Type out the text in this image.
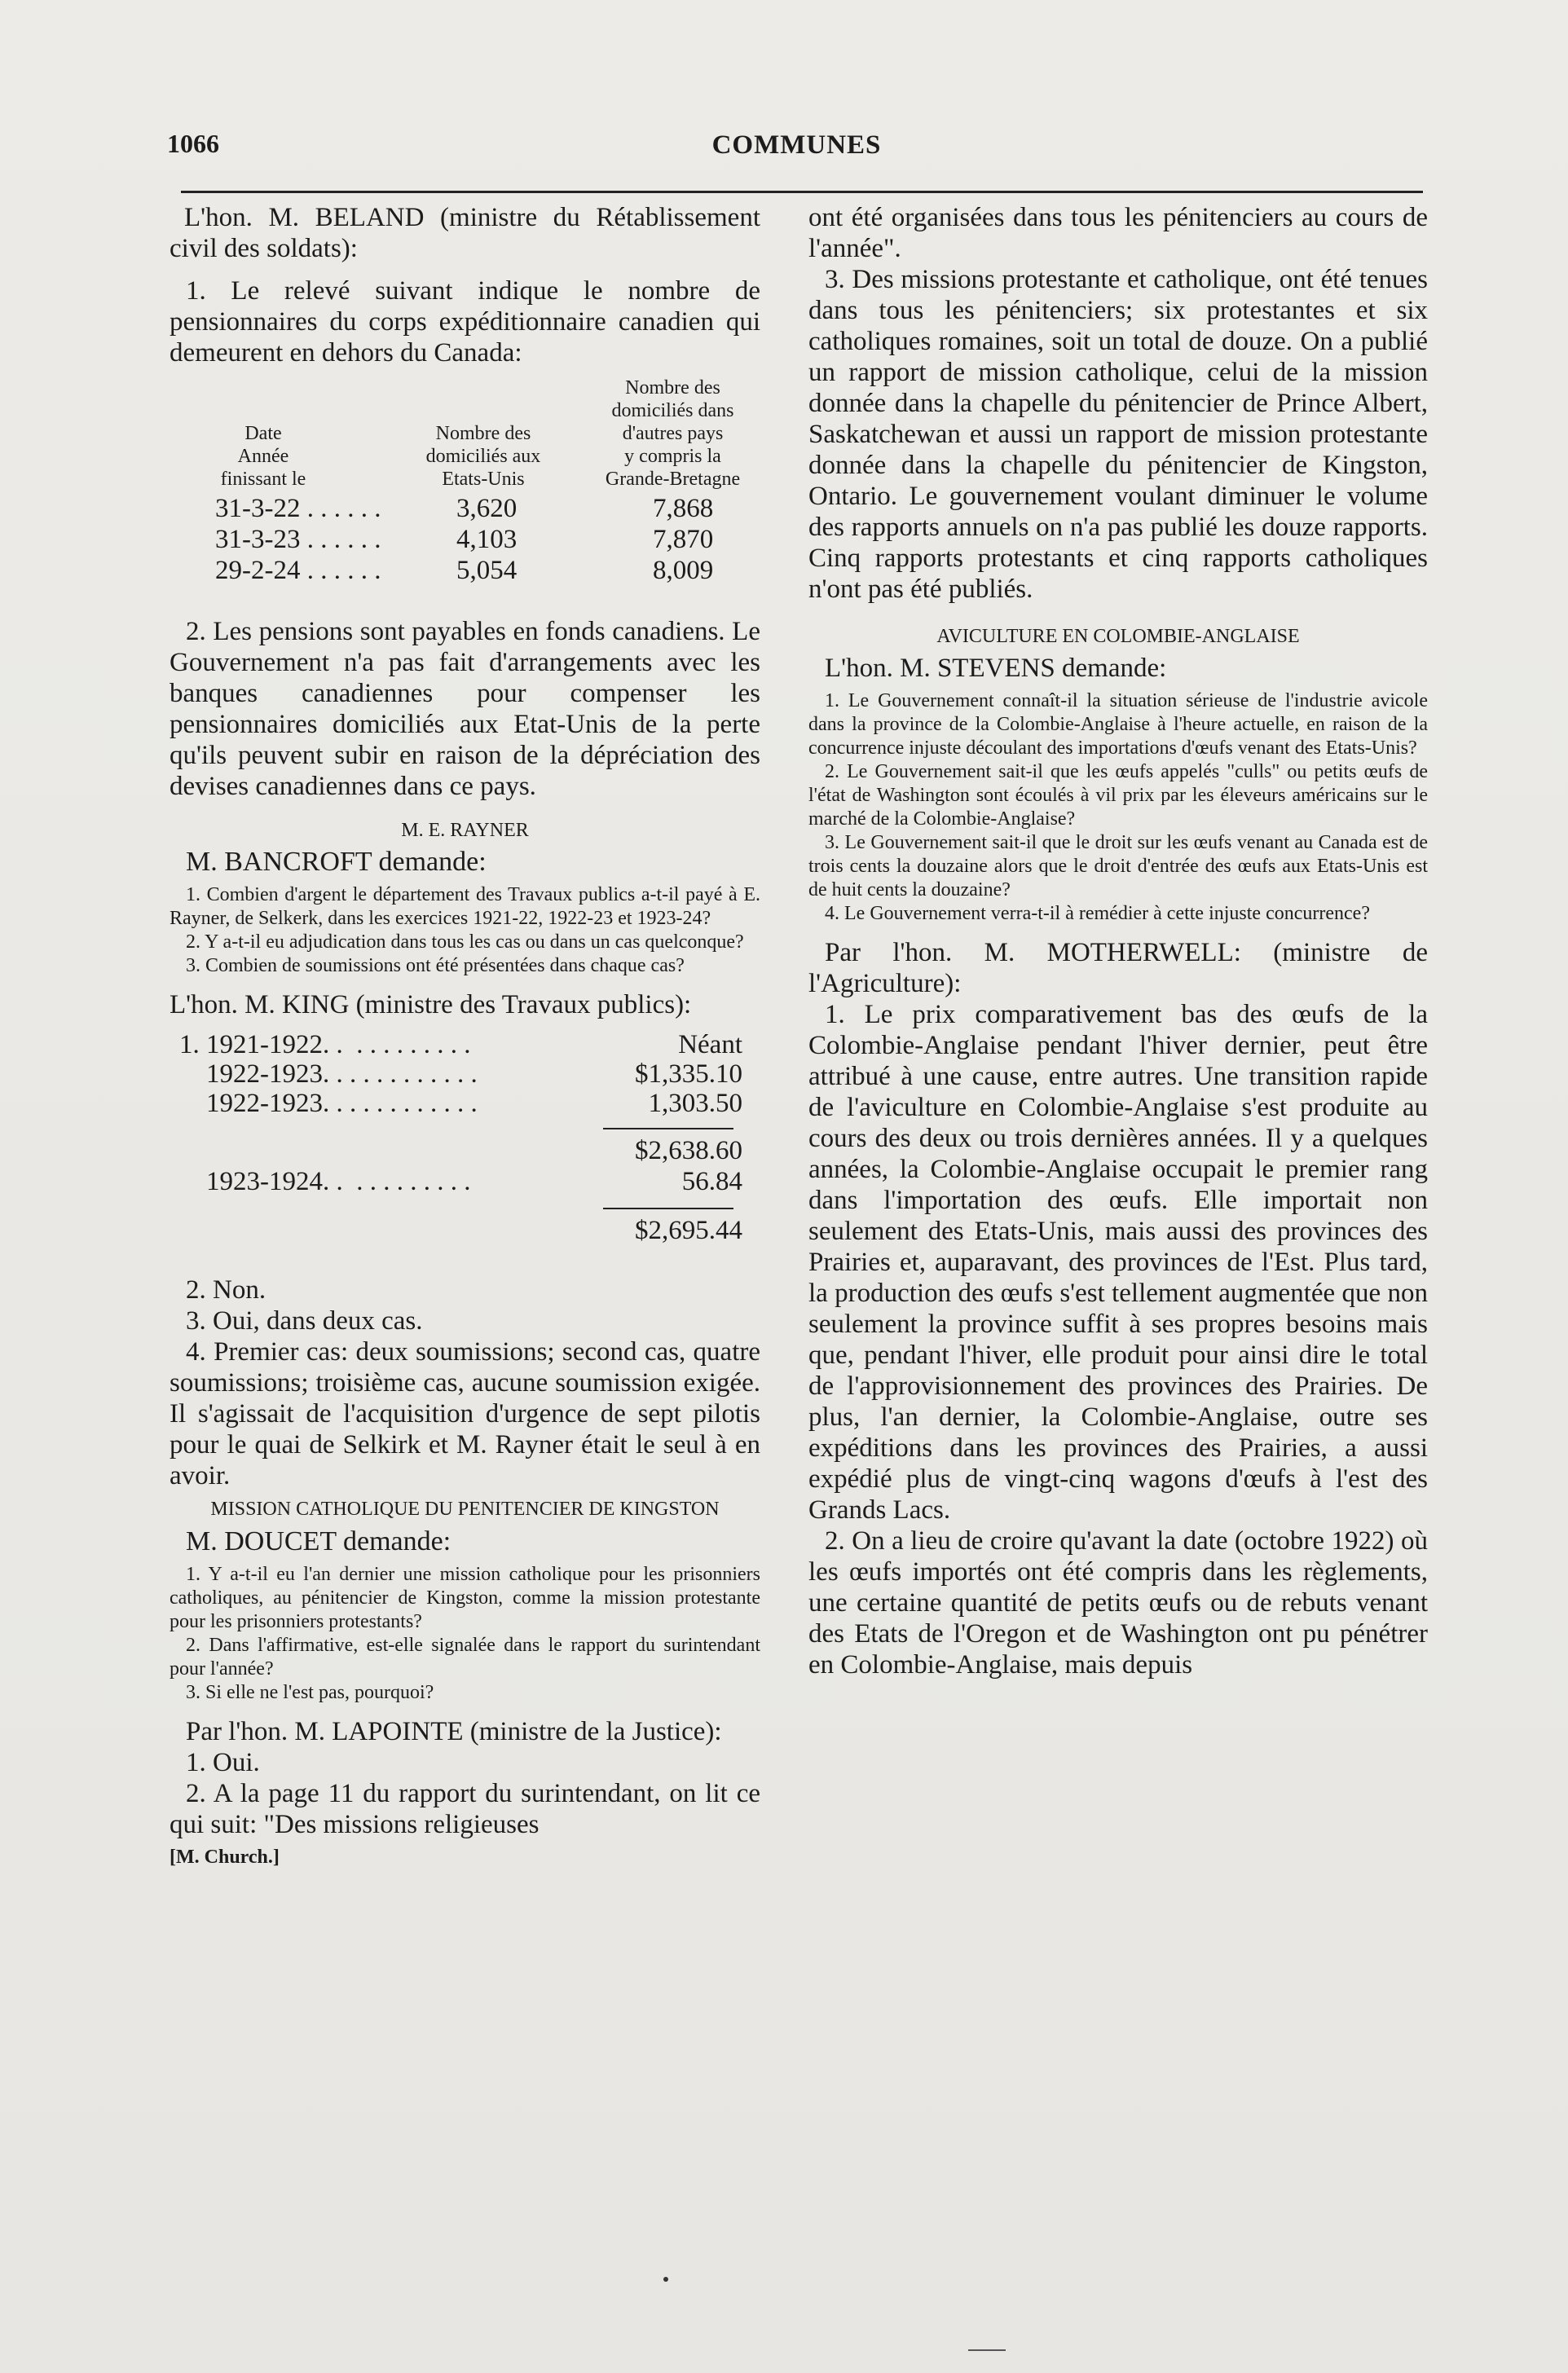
1066	COMMUNES

L'hon. M. BELAND (ministre du Rétablissement civil des soldats):

1. Le relevé suivant indique le nombre de pensionnaires du corps expéditionnaire canadien qui demeurent en dehors du Canada:

Date
Année
finissant le
Nombre des
domiciliés aux
Etats-Unis
Nombre des
domiciliés dans
d'autres pays
y compris la
Grande-Bretagne
31-3-22 . . . . . .	3,620	7,868
31-3-23 . . . . . .	4,103	7,870
29-2-24 . . . . . .	5,054	8,009

2. Les pensions sont payables en fonds canadiens. Le Gouvernement n'a pas fait d'arrangements avec les banques canadiennes pour compenser les pensionnaires domiciliés aux Etat-Unis de la perte qu'ils peuvent subir en raison de la dépréciation des devises canadiennes dans ce pays.

M. E. RAYNER
M. BANCROFT demande:

1. Combien d'argent le département des Travaux publics a-t-il payé à E. Rayner, de Selkerk, dans les exercices 1921-22, 1922-23 et 1923-24?

2. Y a-t-il eu adjudication dans tous les cas ou dans un cas quelconque?

3. Combien de soumissions ont été présentées dans chaque cas?

L'hon. M. KING (ministre des Travaux publics):

1. 1921-1922. .  . . . . . . . . .	Néant
1922-1923. . . . . . . . . . . .	$1,335.10
1922-1923. . . . . . . . . . . .	1,303.50
$2,638.60
1923-1924. .  . . . . . . . . .	56.84
$2,695.44

2. Non.

3. Oui, dans deux cas.

4. Premier cas: deux soumissions; second cas, quatre soumissions; troisième cas, aucune soumission exigée. Il s'agissait de l'acquisition d'urgence de sept pilotis pour le quai de Selkirk et M. Rayner était le seul à en avoir.

MISSION CATHOLIQUE DU PENITENCIER DE KINGSTON
M. DOUCET demande:

1. Y a-t-il eu l'an dernier une mission catholique pour les prisonniers catholiques, au pénitencier de Kingston, comme la mission protestante pour les prisonniers protestants?

2. Dans l'affirmative, est-elle signalée dans le rapport du surintendant pour l'année?

3. Si elle ne l'est pas, pourquoi?

Par l'hon. M. LAPOINTE (ministre de la Justice):

1. Oui.

2. A la page 11 du rapport du surintendant, on lit ce qui suit: "Des missions religieuses

[M. Church.]

ont été organisées dans tous les pénitenciers au cours de l'année".

3. Des missions protestante et catholique, ont été tenues dans tous les pénitenciers; six protestantes et six catholiques romaines, soit un total de douze. On a publié un rapport de mission catholique, celui de la mission donnée dans la chapelle du pénitencier de Prince Albert, Saskatchewan et aussi un rapport de mission protestante donnée dans la chapelle du pénitencier de Kingston, Ontario. Le gouvernement voulant diminuer le volume des rapports annuels on n'a pas publié les douze rapports. Cinq rapports protestants et cinq rapports catholiques n'ont pas été publiés.

AVICULTURE EN COLOMBIE-ANGLAISE
L'hon. M. STEVENS demande:

1. Le Gouvernement connaît-il la situation sérieuse de l'industrie avicole dans la province de la Colombie-Anglaise à l'heure actuelle, en raison de la concurrence injuste découlant des importations d'œufs venant des Etats-Unis?

2. Le Gouvernement sait-il que les œufs appelés "culls" ou petits œufs de l'état de Washington sont écoulés à vil prix par les éleveurs américains sur le marché de la Colombie-Anglaise?

3. Le Gouvernement sait-il que le droit sur les œufs venant au Canada est de trois cents la douzaine alors que le droit d'entrée des œufs aux Etats-Unis est de huit cents la douzaine?

4. Le Gouvernement verra-t-il à remédier à cette injuste concurrence?

Par l'hon. M. MOTHERWELL: (ministre de l'Agriculture):

1. Le prix comparativement bas des œufs de la Colombie-Anglaise pendant l'hiver dernier, peut être attribué à une cause, entre autres. Une transition rapide de l'aviculture en Colombie-Anglaise s'est produite au cours des deux ou trois dernières années. Il y a quelques années, la Colombie-Anglaise occupait le premier rang dans l'importation des œufs. Elle importait non seulement des Etats-Unis, mais aussi des provinces des Prairies et, auparavant, des provinces de l'Est. Plus tard, la production des œufs s'est tellement augmentée que non seulement la province suffit à ses propres besoins mais que, pendant l'hiver, elle produit pour ainsi dire le total de l'approvisionnement des provinces des Prairies. De plus, l'an dernier, la Colombie-Anglaise, outre ses expéditions dans les provinces des Prairies, a aussi expédié plus de vingt-cinq wagons d'œufs à l'est des Grands Lacs.

2. On a lieu de croire qu'avant la date (octobre 1922) où les œufs importés ont été compris dans les règlements, une certaine quantité de petits œufs ou de rebuts venant des Etats de l'Oregon et de Washington ont pu pénétrer en Colombie-Anglaise, mais depuis
